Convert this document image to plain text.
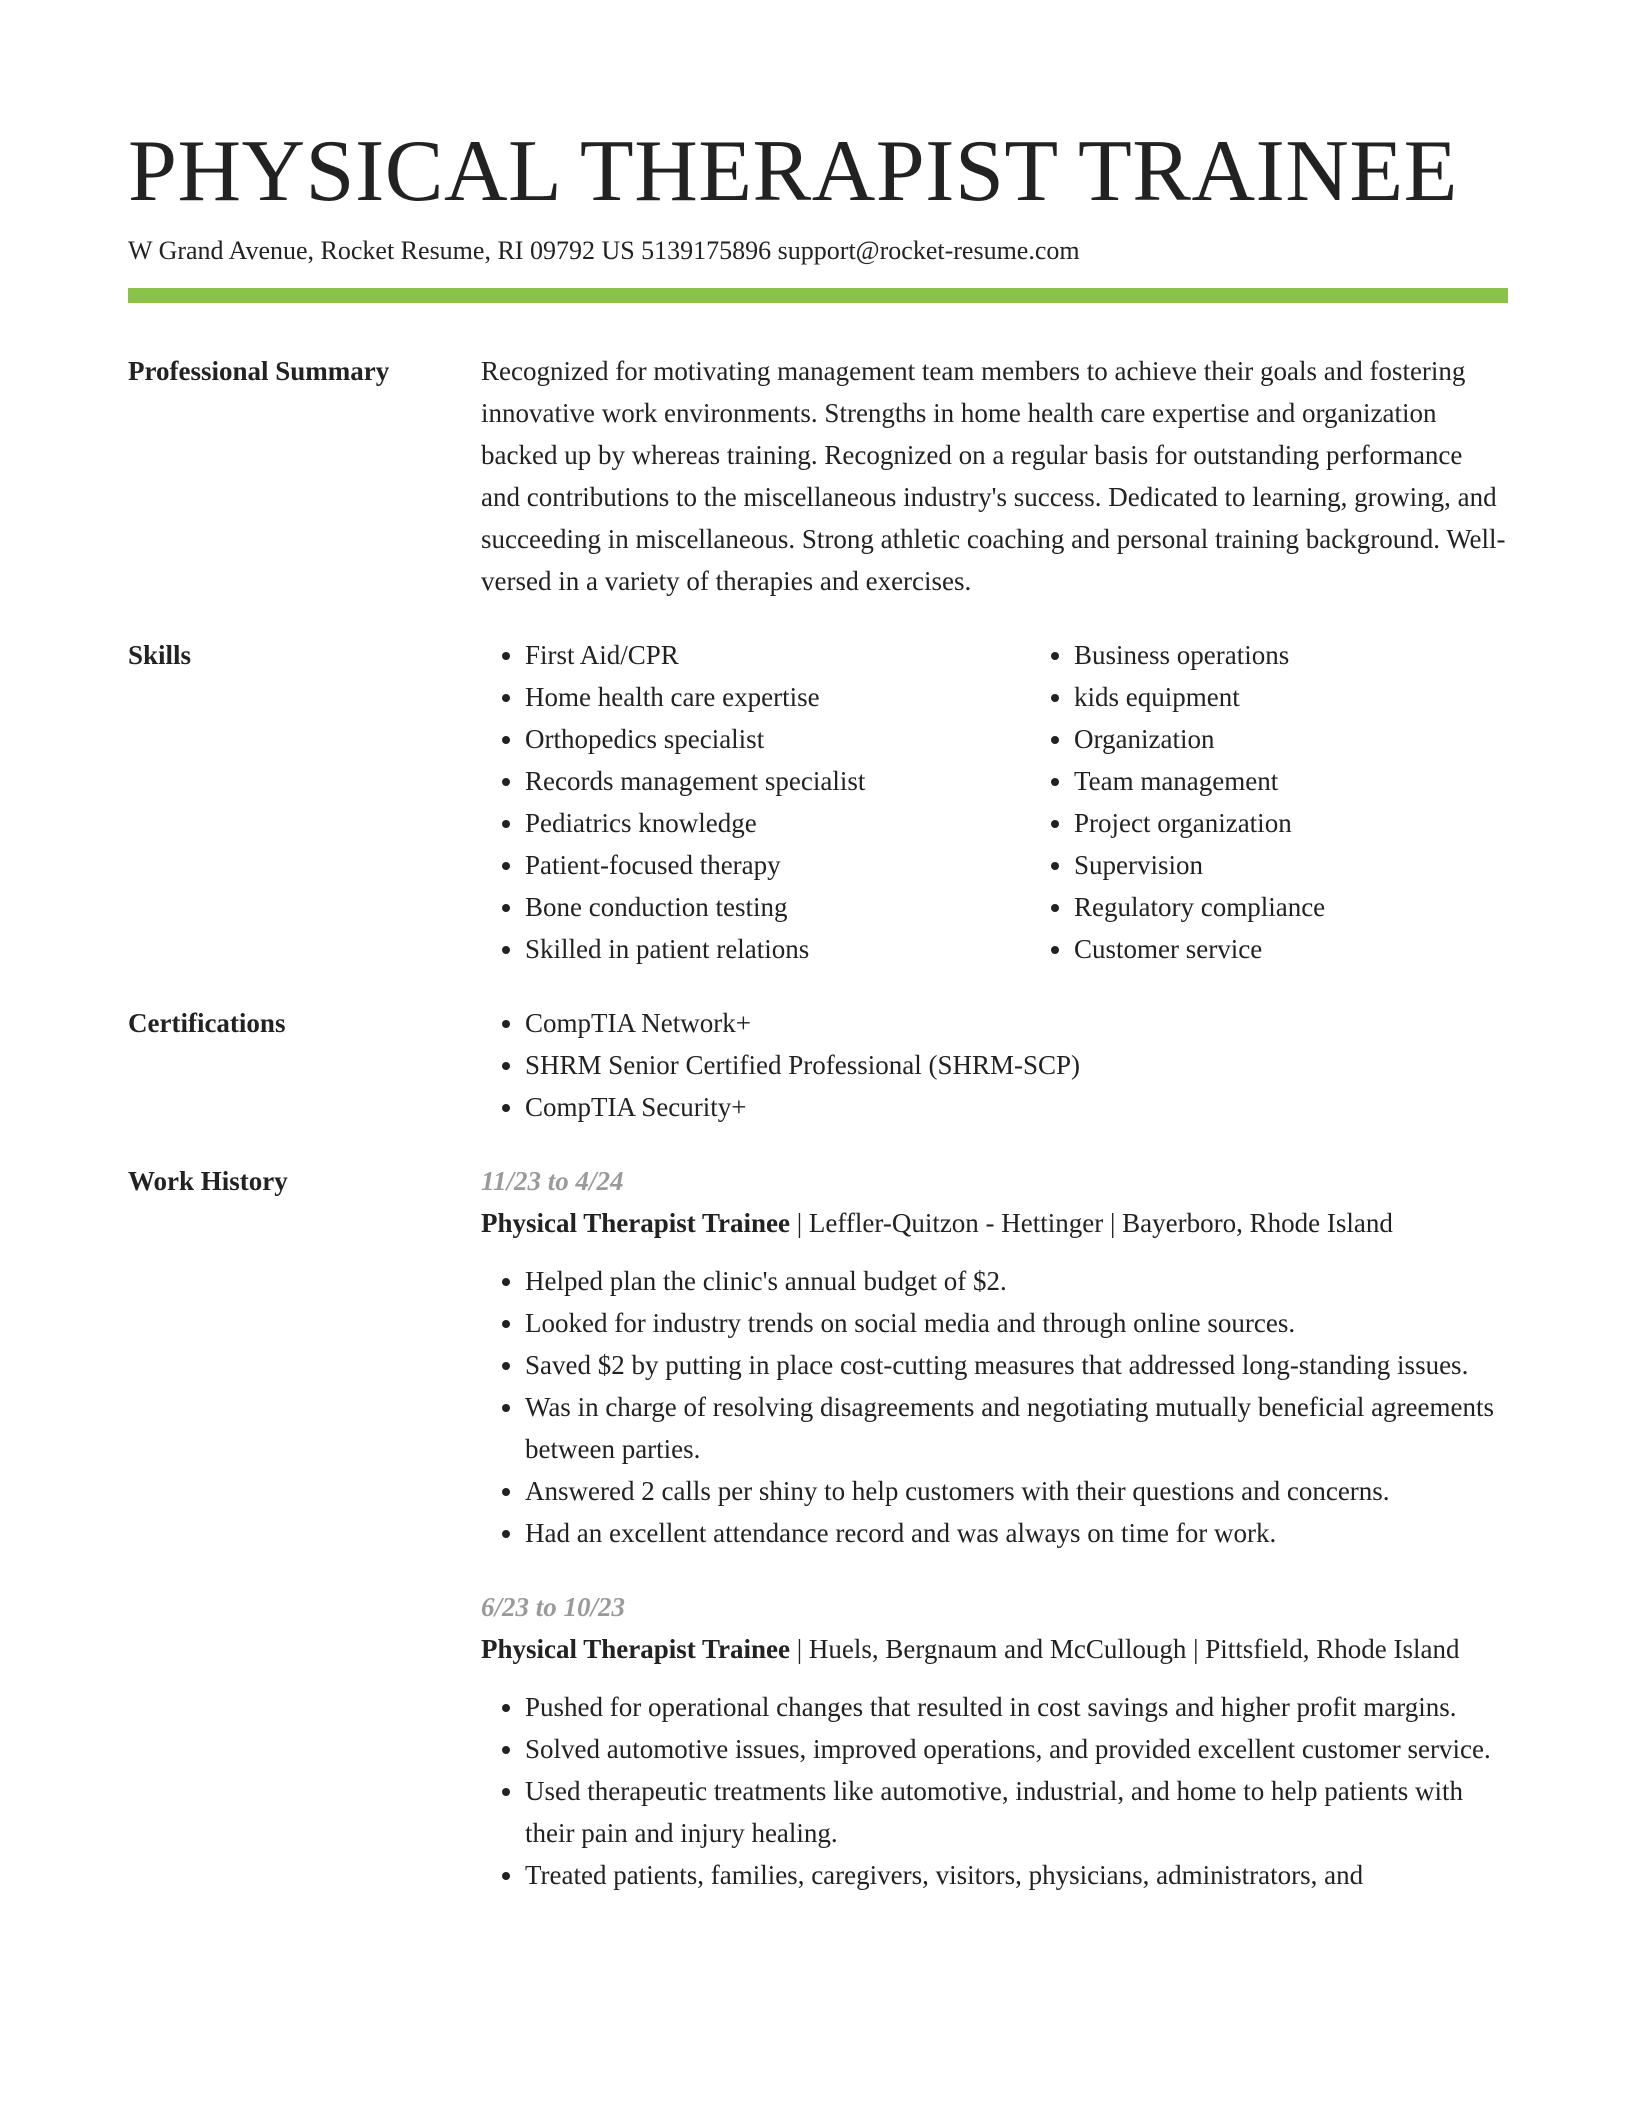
PHYSICAL THERAPIST TRAINEE
W Grand Avenue, Rocket Resume, RI 09792 US 5139175896 support@rocket-resume.com
Professional Summary	Recognized for motivating management team members to achieve their goals and fostering innovative work environments. Strengths in home health care expertise and organization backed up by whereas training. Recognized on a regular basis for outstanding performance and contributions to the miscellaneous industry's success. Dedicated to learning, growing, and succeeding in miscellaneous. Strong athletic coaching and personal training background. Well-versed in a variety of therapies and exercises.
Skills	• First Aid/CPR
• Home health care expertise
• Orthopedics specialist
• Records management specialist
• Pediatrics knowledge
• Patient-focused therapy
• Bone conduction testing
• Skilled in patient relations
• Business operations
• kids equipment
• Organization
• Team management
• Project organization
• Supervision
• Regulatory compliance
• Customer service
Certifications	• CompTIA Network+
• SHRM Senior Certified Professional (SHRM-SCP)
• CompTIA Security+
Work History	11/23 to 4/24
Physical Therapist Trainee | Leffler-Quitzon - Hettinger | Bayerboro, Rhode Island
• Helped plan the clinic's annual budget of $2.
• Looked for industry trends on social media and through online sources.
• Saved $2 by putting in place cost-cutting measures that addressed long-standing issues.
• Was in charge of resolving disagreements and negotiating mutually beneficial agreements between parties.
• Answered 2 calls per shiny to help customers with their questions and concerns.
• Had an excellent attendance record and was always on time for work.
6/23 to 10/23
Physical Therapist Trainee | Huels, Bergnaum and McCullough | Pittsfield, Rhode Island
• Pushed for operational changes that resulted in cost savings and higher profit margins.
• Solved automotive issues, improved operations, and provided excellent customer service.
• Used therapeutic treatments like automotive, industrial, and home to help patients with their pain and injury healing.
• Treated patients, families, caregivers, visitors, physicians, administrators, and
